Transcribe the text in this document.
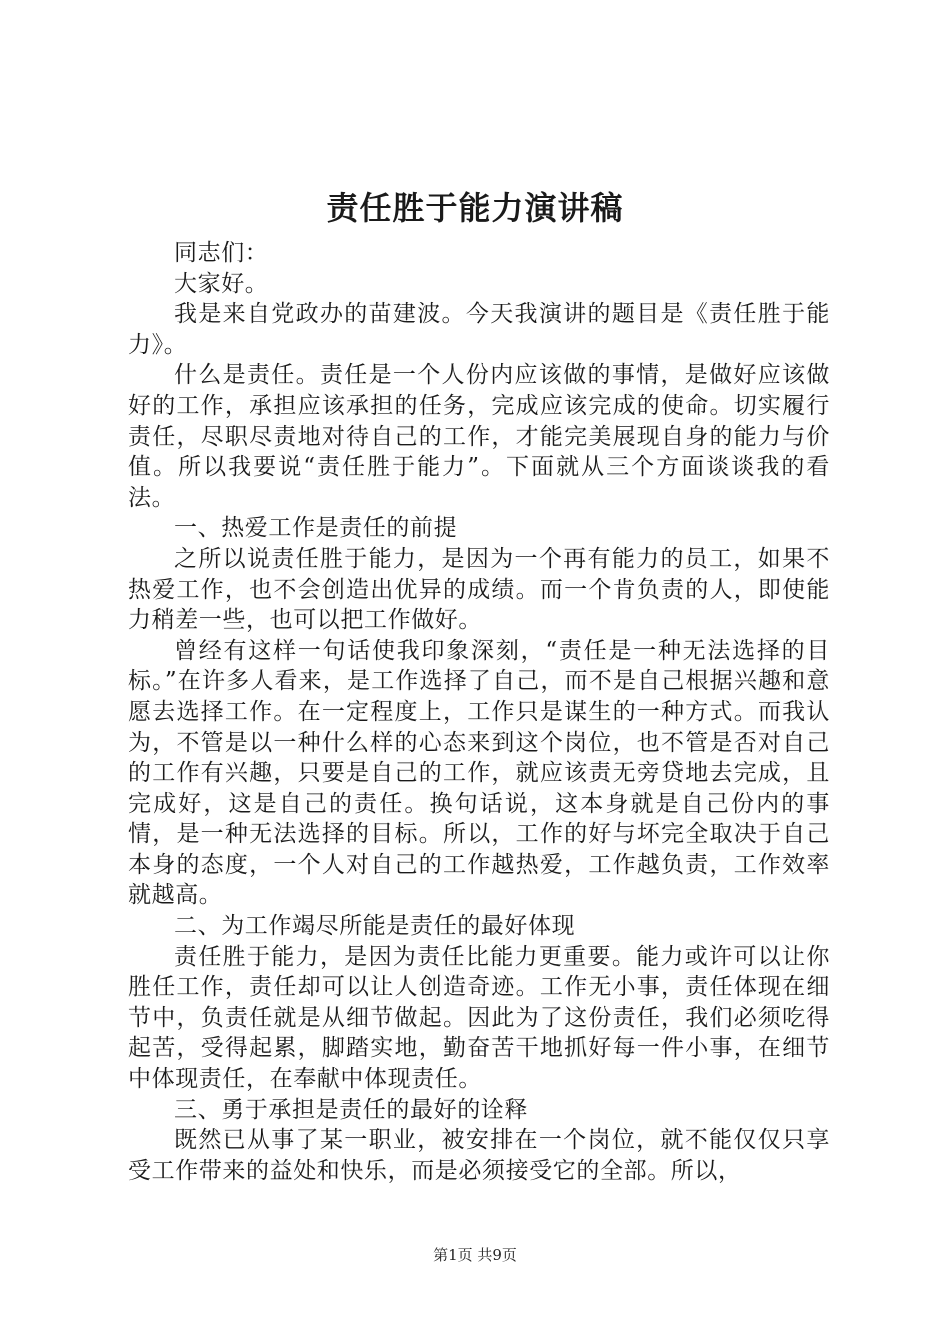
责任胜于能力演讲稿

同志们：

大家好。

我是来自党政办的苗建波。今天我演讲的题目是《责任胜于能力》。

什么是责任。责任是一个人份内应该做的事情，是做好应该做好的工作，承担应该承担的任务，完成应该完成的使命。切实履行责任，尽职尽责地对待自己的工作，才能完美展现自身的能力与价值。所以我要说“责任胜于能力”。下面就从三个方面谈谈我的看法。

一、热爱工作是责任的前提

之所以说责任胜于能力，是因为一个再有能力的员工，如果不热爱工作，也不会创造出优异的成绩。而一个肯负责的人，即使能力稍差一些，也可以把工作做好。

曾经有这样一句话使我印象深刻，“责任是一种无法选择的目标。”在许多人看来，是工作选择了自己，而不是自己根据兴趣和意愿去选择工作。在一定程度上，工作只是谋生的一种方式。而我认为，不管是以一种什么样的心态来到这个岗位，也不管是否对自己的工作有兴趣，只要是自己的工作，就应该责无旁贷地去完成，且完成好，这是自己的责任。换句话说，这本身就是自己份内的事情，是一种无法选择的目标。所以，工作的好与坏完全取决于自己本身的态度，一个人对自己的工作越热爱，工作越负责，工作效率就越高。

二、为工作竭尽所能是责任的最好体现

责任胜于能力，是因为责任比能力更重要。能力或许可以让你胜任工作，责任却可以让人创造奇迹。工作无小事，责任体现在细节中，负责任就是从细节做起。因此为了这份责任，我们必须吃得起苦，受得起累，脚踏实地，勤奋苦干地抓好每一件小事，在细节中体现责任，在奉献中体现责任。

三、勇于承担是责任的最好的诠释

既然已从事了某一职业，被安排在一个岗位，就不能仅仅只享受工作带来的益处和快乐，而是必须接受它的全部。所以，

第1页 共9页
